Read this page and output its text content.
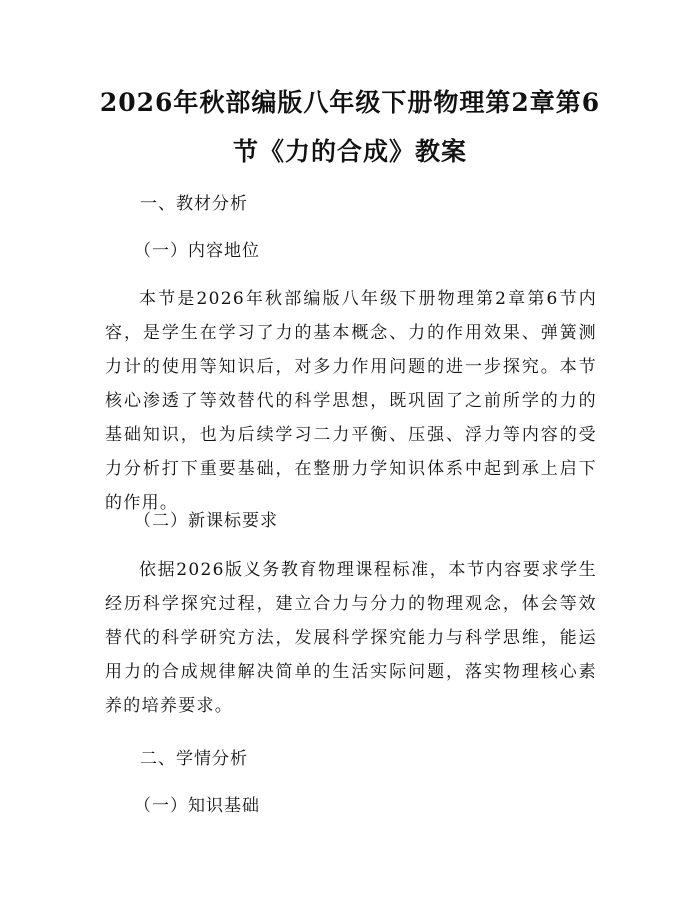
2026年秋部编版八年级下册物理第2章第6
节《力的合成》教案
一、教材分析
（一）内容地位

本节是2026年秋部编版八年级下册物理第2章第6节内容，是学生在学习了力的基本概念、力的作用效果、弹簧测力计的使用等知识后，对多力作用问题的进一步探究。本节核心渗透了等效替代的科学思想，既巩固了之前所学的力的基础知识，也为后续学习二力平衡、压强、浮力等内容的受力分析打下重要基础，在整册力学知识体系中起到承上启下的作用。

（二）新课标要求

依据2026版义务教育物理课程标准，本节内容要求学生经历科学探究过程，建立合力与分力的物理观念，体会等效替代的科学研究方法，发展科学探究能力与科学思维，能运用力的合成规律解决简单的生活实际问题，落实物理核心素养的培养要求。

二、学情分析
（一）知识基础
